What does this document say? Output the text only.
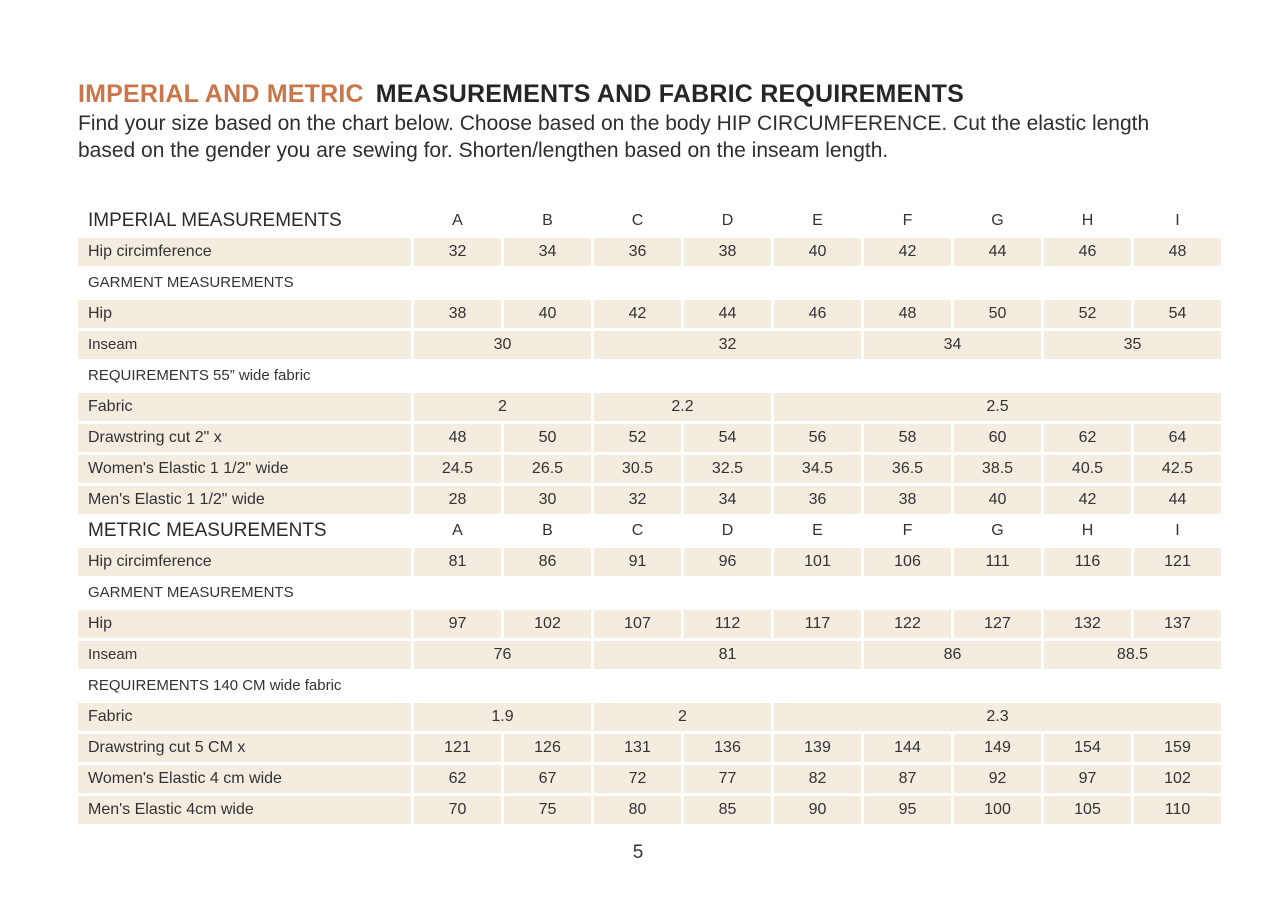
IMPERIAL AND METRIC MEASUREMENTS AND FABRIC REQUIREMENTS

Find your size based on the chart below. Choose based on the body HIP CIRCUMFERENCE. Cut the elastic length based on the gender you are sewing for. Shorten/lengthen based on the inseam length.

IMPERIAL MEASUREMENTS	A	B	C	D	E	F	G	H	I
Hip circimference	32	34	36	38	40	42	44	46	48
GARMENT MEASUREMENTS
Hip	38	40	42	44	46	48	50	52	54
Inseam	30	32	34	35
REQUIREMENTS 55” wide fabric
Fabric	2	2.2	2.5
Drawstring cut 2" x	48	50	52	54	56	58	60	62	64
Women's Elastic 1 1/2" wide	24.5	26.5	30.5	32.5	34.5	36.5	38.5	40.5	42.5
Men's Elastic 1 1/2" wide	28	30	32	34	36	38	40	42	44
METRIC MEASUREMENTS	A	B	C	D	E	F	G	H	I
Hip circimference	81	86	91	96	101	106	111	116	121
GARMENT MEASUREMENTS
Hip	97	102	107	112	117	122	127	132	137
Inseam	76	81	86	88.5
REQUIREMENTS 140 CM wide fabric
Fabric	1.9	2	2.3
Drawstring cut 5 CM x	121	126	131	136	139	144	149	154	159
Women's Elastic 4 cm wide	62	67	72	77	82	87	92	97	102
Men's Elastic 4cm wide	70	75	80	85	90	95	100	105	110
5
